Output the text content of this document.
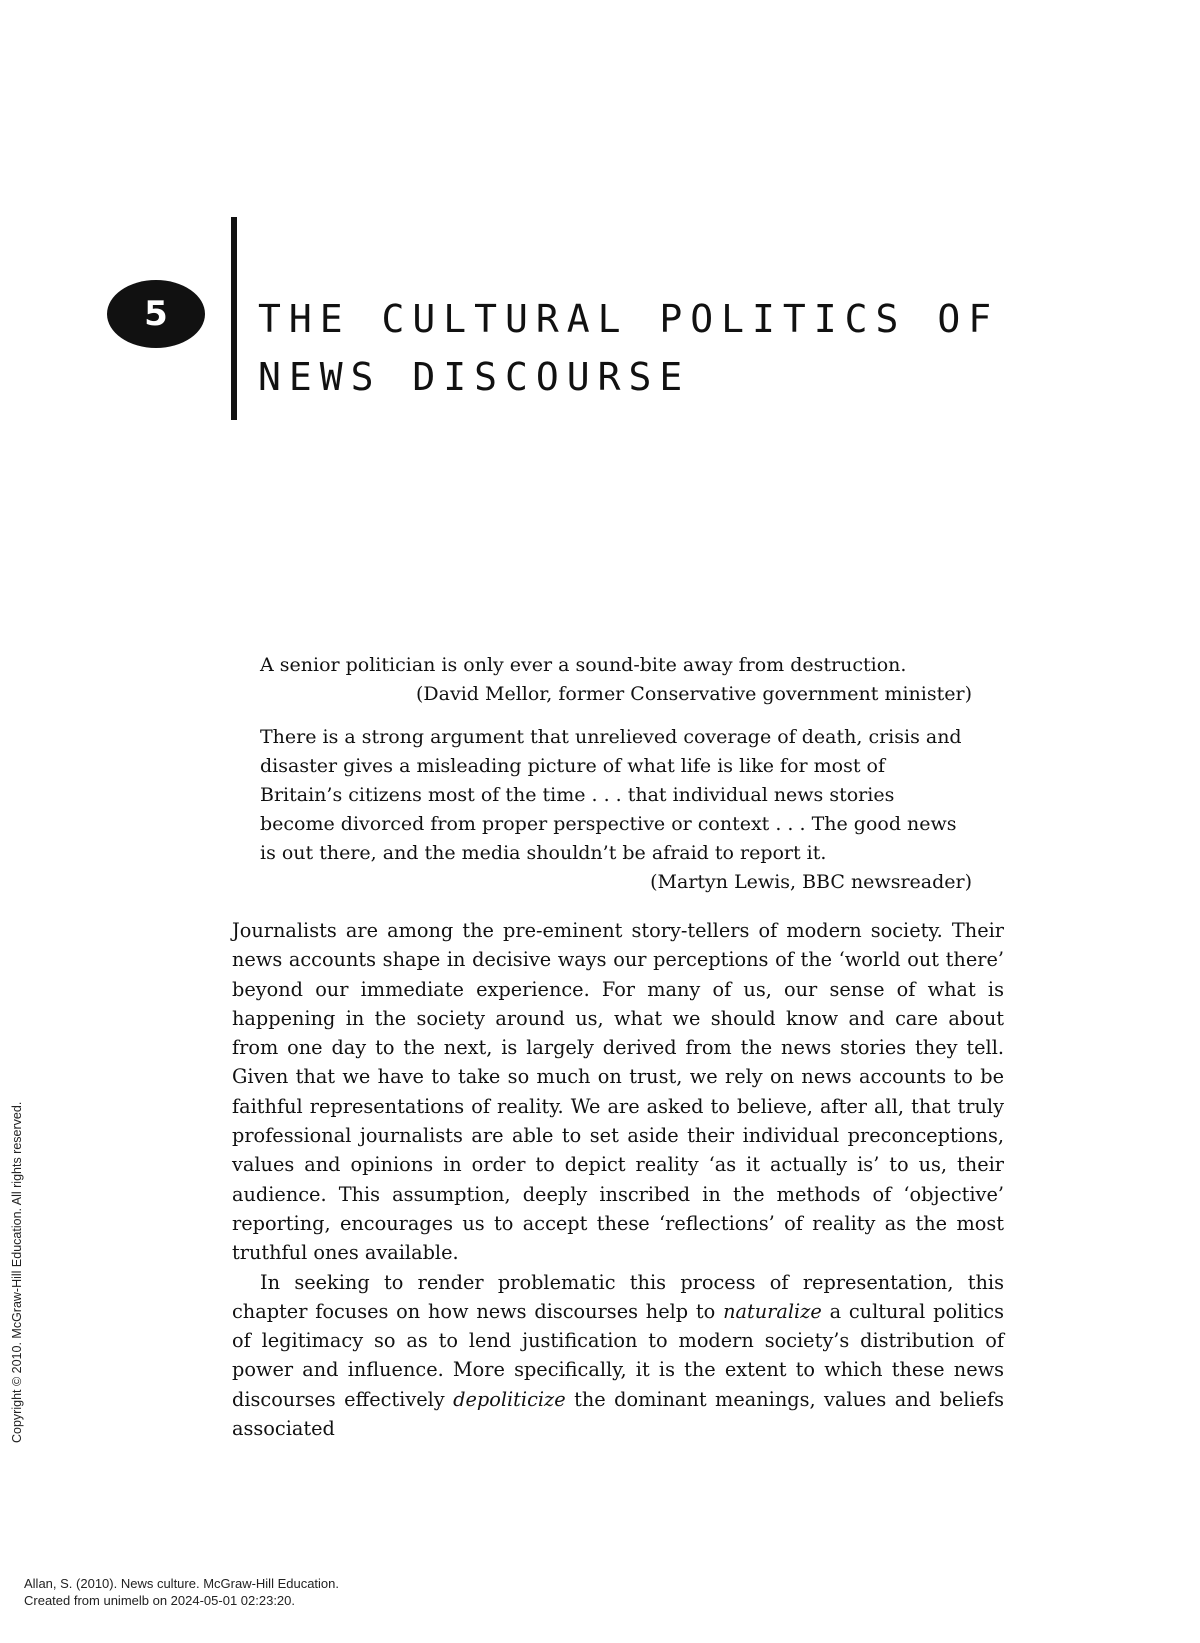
5 THE CULTURAL POLITICS OF
NEWS DISCOURSE

A senior politician is only ever a sound-bite away from destruction.

(David Mellor, former Conservative government minister)

There is a strong argument that unrelieved coverage of death, crisis and disaster gives a misleading picture of what life is like for most of Britain’s citizens most of the time . . . that individual news stories become divorced from proper perspective or context . . . The good news is out there, and the media shouldn’t be afraid to report it.

(Martyn Lewis, BBC newsreader)

Journalists are among the pre-eminent story-tellers of modern society. Their news accounts shape in decisive ways our perceptions of the ‘world out there’ beyond our immediate experience. For many of us, our sense of what is happening in the society around us, what we should know and care about from one day to the next, is largely derived from the news stories they tell. Given that we have to take so much on trust, we rely on news accounts to be faithful representations of reality. We are asked to believe, after all, that truly professional journalists are able to set aside their individual preconceptions, values and opinions in order to depict reality ‘as it actually is’ to us, their audience. This assumption, deeply inscribed in the methods of ‘objective’ reporting, encourages us to accept these ‘reflections’ of reality as the most truthful ones available.

In seeking to render problematic this process of representation, this chapter focuses on how news discourses help to naturalize a cultural politics of legitimacy so as to lend justification to modern society’s distribution of power and influence. More specifically, it is the extent to which these news discourses effectively depoliticize the dominant meanings, values and beliefs associated

Copyright © 2010. McGraw-Hill Education. All rights reserved.
Allan, S. (2010). News culture. McGraw-Hill Education.
Created from unimelb on 2024-05-01 02:23:20.
